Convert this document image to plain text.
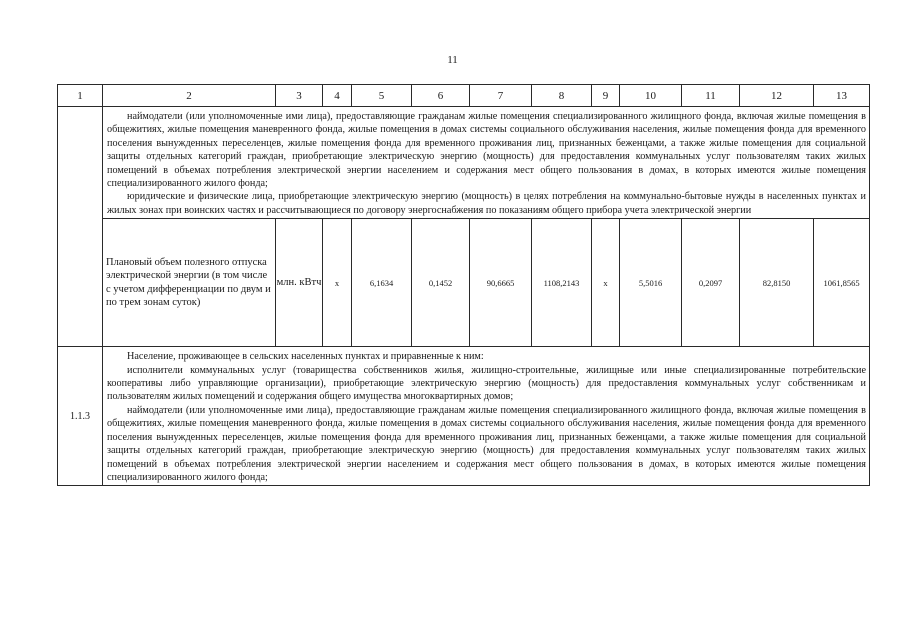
11
1	2	3	4	5	6	7	8	9	10	11	12	13

	наймодатели (или уполномоченные ими лица), предоставляющие гражданам жилые помещения специализированного жилищного фонда, включая жилые помещения в общежитиях, жилые помещения маневренного фонда, жилые помещения в домах системы социального обслуживания населения, жилые помещения фонда для временного поселения вынужденных переселенцев, жилые помещения фонда для временного проживания лиц, признанных беженцами, а также жилые помещения для социальной защиты отдельных категорий граждан, приобретающие электрическую энергию (мощность) для предоставления коммунальных услуг пользователям таких жилых помещений в объемах потребления электрической энергии населением и содержания мест общего пользования в домах, в которых имеются жилые помещения специализированного жилого фонда;

юридические и физические лица, приобретающие электрическую энергию (мощность) в целях потребления на коммунально-бытовые нужды в населенных пунктах и жилых зонах при воинских частях и рассчитывающиеся по договору энергоснабжения по показаниям общего прибора учета электрической энергии											

	Плановый объем полезного отпуска электрической энергии (в том числе с учетом дифференциации по двум и по трем зонам суток)	млн. кВтч	x	6,1634	0,1452	90,6665	1108,2143	x	5,5016	0,2097	82,8150	1061,8565
1.1.3	Население, проживающее в сельских населенных пунктах и приравненные к ним:

исполнители коммунальных услуг (товарищества собственников жилья, жилищно-строительные, жилищные или иные специализированные потребительские кооперативы либо управляющие организации), приобретающие электрическую энергию (мощность) для предоставления коммунальных услуг собственникам и пользователям жилых помещений и содержания общего имущества многоквартирных домов;

наймодатели (или уполномоченные ими лица), предоставляющие гражданам жилые помещения специализированного жилищного фонда, включая жилые помещения в общежитиях, жилые помещения маневренного фонда, жилые помещения в домах системы социального обслуживания населения, жилые помещения фонда для временного поселения вынужденных переселенцев, жилые помещения фонда для временного проживания лиц, признанных беженцами, а также жилые помещения для социальной защиты отдельных категорий граждан, приобретающие электрическую энергию (мощность) для предоставления коммунальных услуг пользователям таких жилых помещений в объемах потребления электрической энергии населением и содержания мест общего пользования в домах, в которых имеются жилые помещения специализированного жилого фонда;											
